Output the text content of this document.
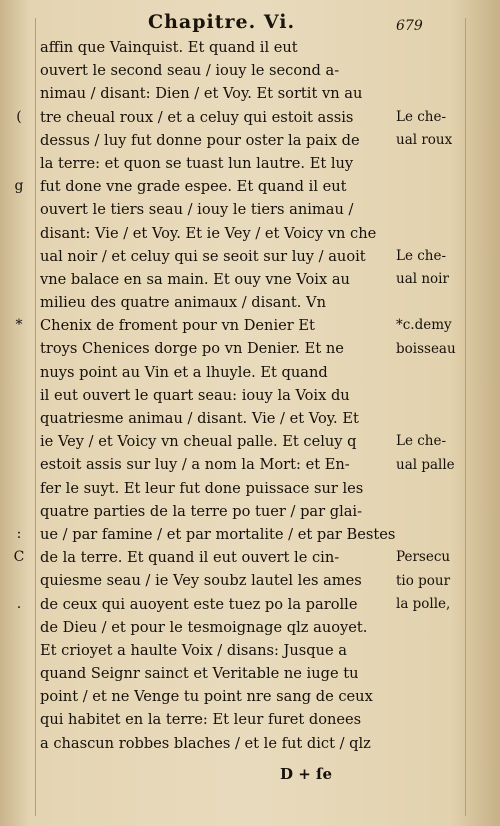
Chapitre. Vi.	679
affin que Vainquist. Et quand il eut
ouvert le second seau / iouy le second a-
nimau / disant: Dien / et Voy. Et sortit vn au
tre cheual roux / et a celuy qui estoit assis
dessus / luy fut donne pour oster la paix de
la terre: et quon se tuast lun lautre. Et luy
fut done vne grade espee. Et quand il eut
ouvert le tiers seau / iouy le tiers animau /
disant: Vie / et Voy. Et ie Vey / et Voicy vn che
ual noir / et celuy qui se seoit sur luy / auoit
vne balace en sa main. Et ouy vne Voix au
milieu des quatre animaux / disant. Vn
Chenix de froment pour vn Denier Et
troys Chenices dorge po vn Denier. Et ne
nuys point au Vin et a lhuyle. Et quand
il eut ouvert le quart seau: iouy la Voix du
quatriesme animau / disant. Vie / et Voy. Et
ie Vey / et Voicy vn cheual palle. Et celuy q
estoit assis sur luy / a nom la Mort: et En-
fer le suyt. Et leur fut done puissace sur les
quatre parties de la terre po tuer / par glai-
ue / par famine / et par mortalite / et par Bestes
de la terre. Et quand il eut ouvert le cin-
quiesme seau / ie Vey soubz lautel les ames
de ceux qui auoyent este tuez po la parolle
de Dieu / et pour le tesmoignage qlz auoyet.
Et crioyet a haulte Voix / disans: Jusque a
quand Seignr sainct et Veritable ne iuge tu
point / et ne Venge tu point nre sang de ceux
qui habitet en la terre: Et leur furet donees
a chascun robbes blaches / et le fut dict / qlz
(
g
*
:
C
.
Le che-
ual roux
Le che-
ual noir
*c.demy
boisseau
Le che-
ual palle
Persecu
tio pour
la polle,
D + ſe
